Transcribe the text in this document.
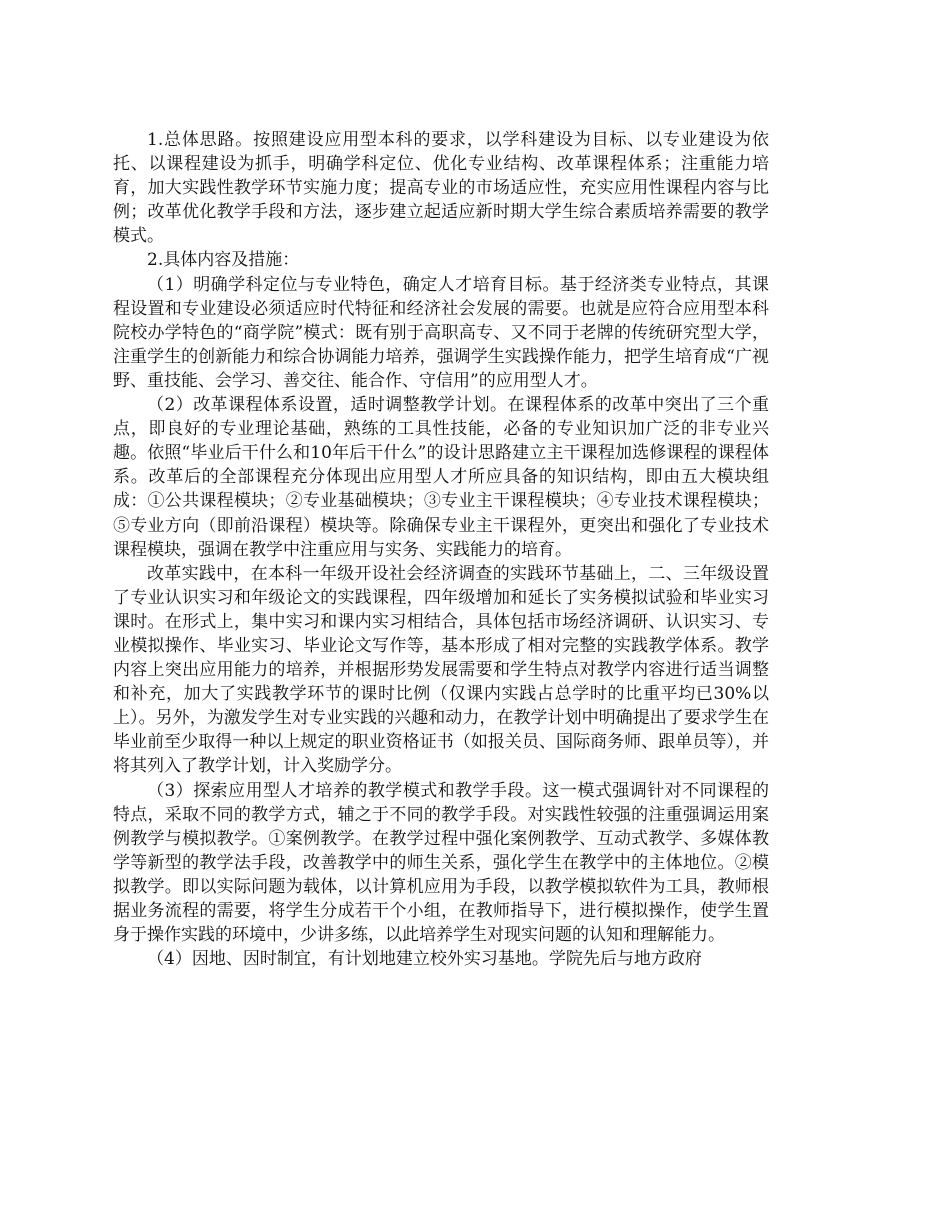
1.总体思路。按照建设应用型本科的要求，以学科建设为目标、以专业建设为依托、以课程建设为抓手，明确学科定位、优化专业结构、改革课程体系；注重能力培育，加大实践性教学环节实施力度；提高专业的市场适应性，充实应用性课程内容与比例；改革优化教学手段和方法，逐步建立起适应新时期大学生综合素质培养需要的教学模式。

2.具体内容及措施：

（1）明确学科定位与专业特色，确定人才培育目标。基于经济类专业特点，其课程设置和专业建设必须适应时代特征和经济社会发展的需要。也就是应符合应用型本科院校办学特色的“商学院”模式：既有别于高职高专、又不同于老牌的传统研究型大学，注重学生的创新能力和综合协调能力培养，强调学生实践操作能力，把学生培育成“广视野、重技能、会学习、善交往、能合作、守信用”的应用型人才。

（2）改革课程体系设置，适时调整教学计划。在课程体系的改革中突出了三个重点，即良好的专业理论基础，熟练的工具性技能，必备的专业知识加广泛的非专业兴趣。依照“毕业后干什么和10年后干什么”的设计思路建立主干课程加选修课程的课程体系。改革后的全部课程充分体现出应用型人才所应具备的知识结构，即由五大模块组成：①公共课程模块；②专业基础模块；③专业主干课程模块；④专业技术课程模块；⑤专业方向（即前沿课程）模块等。除确保专业主干课程外，更突出和强化了专业技术课程模块，强调在教学中注重应用与实务、实践能力的培育。

改革实践中，在本科一年级开设社会经济调查的实践环节基础上，二、三年级设置了专业认识实习和年级论文的实践课程，四年级增加和延长了实务模拟试验和毕业实习课时。在形式上，集中实习和课内实习相结合，具体包括市场经济调研、认识实习、专业模拟操作、毕业实习、毕业论文写作等，基本形成了相对完整的实践教学体系。教学内容上突出应用能力的培养，并根据形势发展需要和学生特点对教学内容进行适当调整和补充，加大了实践教学环节的课时比例（仅课内实践占总学时的比重平均已30%以上）。另外，为激发学生对专业实践的兴趣和动力，在教学计划中明确提出了要求学生在毕业前至少取得一种以上规定的职业资格证书（如报关员、国际商务师、跟单员等），并将其列入了教学计划，计入奖励学分。

（3）探索应用型人才培养的教学模式和教学手段。这一模式强调针对不同课程的特点，采取不同的教学方式，辅之于不同的教学手段。对实践性较强的注重强调运用案例教学与模拟教学。①案例教学。在教学过程中强化案例教学、互动式教学、多媒体教学等新型的教学法手段，改善教学中的师生关系，强化学生在教学中的主体地位。②模拟教学。即以实际问题为载体，以计算机应用为手段，以教学模拟软件为工具，教师根据业务流程的需要，将学生分成若干个小组，在教师指导下，进行模拟操作，使学生置身于操作实践的环境中，少讲多练，以此培养学生对现实问题的认知和理解能力。

（4）因地、因时制宜，有计划地建立校外实习基地。学院先后与地方政府
